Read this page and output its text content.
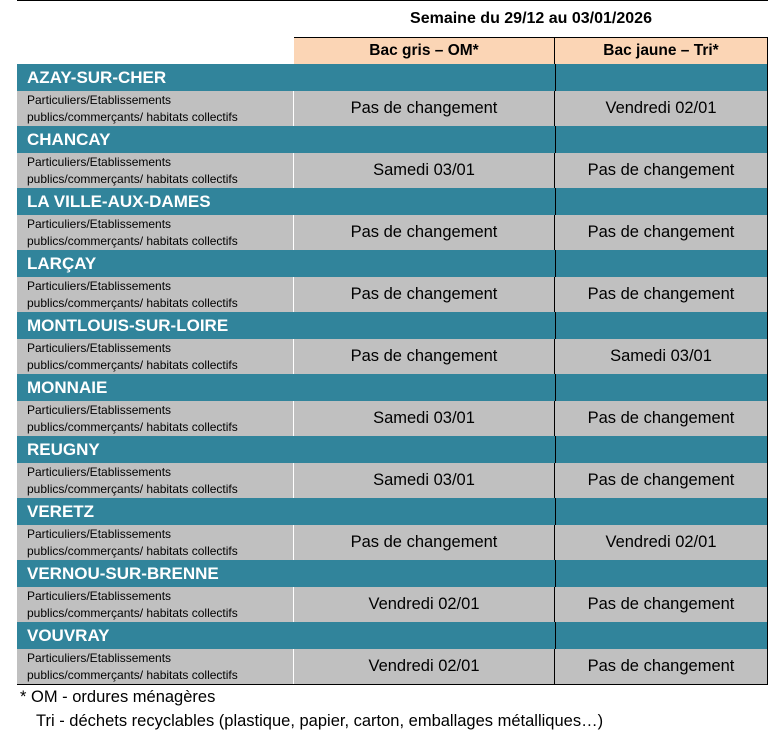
Semaine du 29/12 au 03/01/2026
Bac gris – OM*	Bac jaune – Tri*
AZAY-SUR-CHER
Particuliers/Etablissements
publics/commerçants/ habitats collectifs	Pas de changement	Vendredi 02/01
CHANCAY
Particuliers/Etablissements
publics/commerçants/ habitats collectifs	Samedi 03/01	Pas de changement
LA VILLE-AUX-DAMES
Particuliers/Etablissements
publics/commerçants/ habitats collectifs	Pas de changement	Pas de changement
LARÇAY
Particuliers/Etablissements
publics/commerçants/ habitats collectifs	Pas de changement	Pas de changement
MONTLOUIS-SUR-LOIRE
Particuliers/Etablissements
publics/commerçants/ habitats collectifs	Pas de changement	Samedi 03/01
MONNAIE
Particuliers/Etablissements
publics/commerçants/ habitats collectifs	Samedi 03/01	Pas de changement
REUGNY
Particuliers/Etablissements
publics/commerçants/ habitats collectifs	Samedi 03/01	Pas de changement
VERETZ
Particuliers/Etablissements
publics/commerçants/ habitats collectifs	Pas de changement	Vendredi 02/01
VERNOU-SUR-BRENNE
Particuliers/Etablissements
publics/commerçants/ habitats collectifs	Vendredi 02/01	Pas de changement
VOUVRAY
Particuliers/Etablissements
publics/commerçants/ habitats collectifs	Vendredi 02/01	Pas de changement
* OM - ordures ménagères
Tri - déchets recyclables (plastique, papier, carton, emballages métalliques…)
